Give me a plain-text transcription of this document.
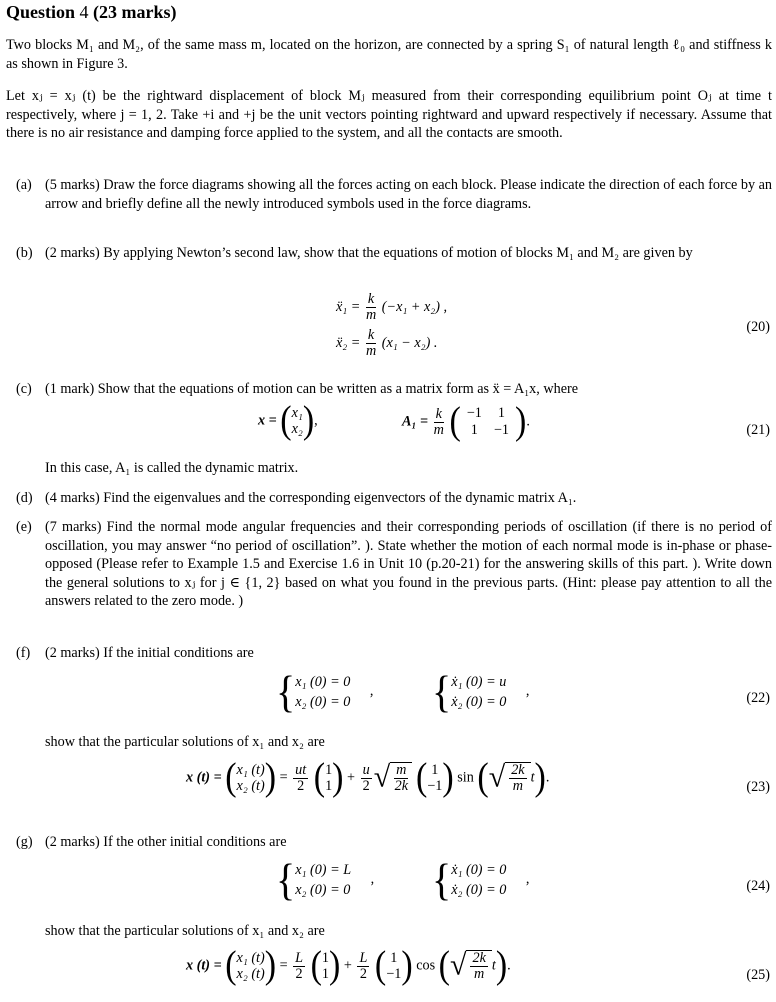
Question 4 (23 marks)
Two blocks M₁ and M₂, of the same mass m, located on the horizon, are connected by a spring S₁ of natural length ℓ₀ and stiffness k as shown in Figure 3.
Let xⱼ = xⱼ (t) be the rightward displacement of block Mⱼ measured from their corresponding equilibrium point Oⱼ at time t respectively, where j = 1, 2. Take +i and +j be the unit vectors pointing rightward and upward respectively if necessary. Assume that there is no air resistance and damping force applied to the system, and all the contacts are smooth.
(a) (5 marks) Draw the force diagrams showing all the forces acting on each block. Please indicate the direction of each force by an arrow and briefly define all the newly introduced symbols used in the force diagrams.
(b) (2 marks) By applying Newton’s second law, show that the equations of motion of blocks M₁ and M₂ are given by
ẍ₁ = $\frac{k}{m} (-x_1 + x_2)$ ,
ẍ₂ = $\frac{k}{m} (x_1 - x_2)$ .
(20)
(c) (1 mark) Show that the equations of motion can be written as a matrix form as ẍ = A₁x, where
x = ( x₁
x₂ ),	$A_1 = \frac{k}{m}$ ( −1	1
1	−1 ).
(21)
In this case, A₁ is called the dynamic matrix.
(d) (4 marks) Find the eigenvalues and the corresponding eigenvectors of the dynamic matrix A₁.
(e) (7 marks) Find the normal mode angular frequencies and their corresponding periods of oscillation (if there is no period of oscillation, you may answer “no period of oscillation”. ). State whether the motion of each normal mode is in-phase or phase-opposed (Please refer to Example 1.5 and Exercise 1.6 in Unit 10 (p.20-21) for the answering skills of this part. ). Write down the general solutions to xⱼ for j ∈ {1, 2} based on what you found in the previous parts. (Hint: please pay attention to all the answers related to the zero mode. )
(f)	(2 marks) If the initial conditions are
{ x₁ (0) = 0
x₂ (0) = 0
, { ẋ₁ (0) = u
ẋ₂ (0) = 0
,	(22)
show that the particular solutions of x₁ and x₂ are
x (t) = ( x₁ (t)
x₂ (t) ) = $\frac{ut}{2}$ ( 1
1 ) + $\frac{u}{2}$ √ $\frac{m}{2k}$ ( 1
−1 ) sin (√ $\frac{2k}{m} t$).
(23)
(g) (2 marks) If the other initial conditions are
{ x₁ (0) = L
x₂ (0) = 0
, { ẋ₁ (0) = 0
ẋ₂ (0) = 0
,	(24)
show that the particular solutions of x₁ and x₂ are
x (t) = ( x₁ (t)
x₂ (t) ) = $\frac{L}{2}$ ( 1
1 ) + $\frac{L}{2}$ ( 1
−1 ) cos (√ $\frac{2k}{m} t$).
(25)
